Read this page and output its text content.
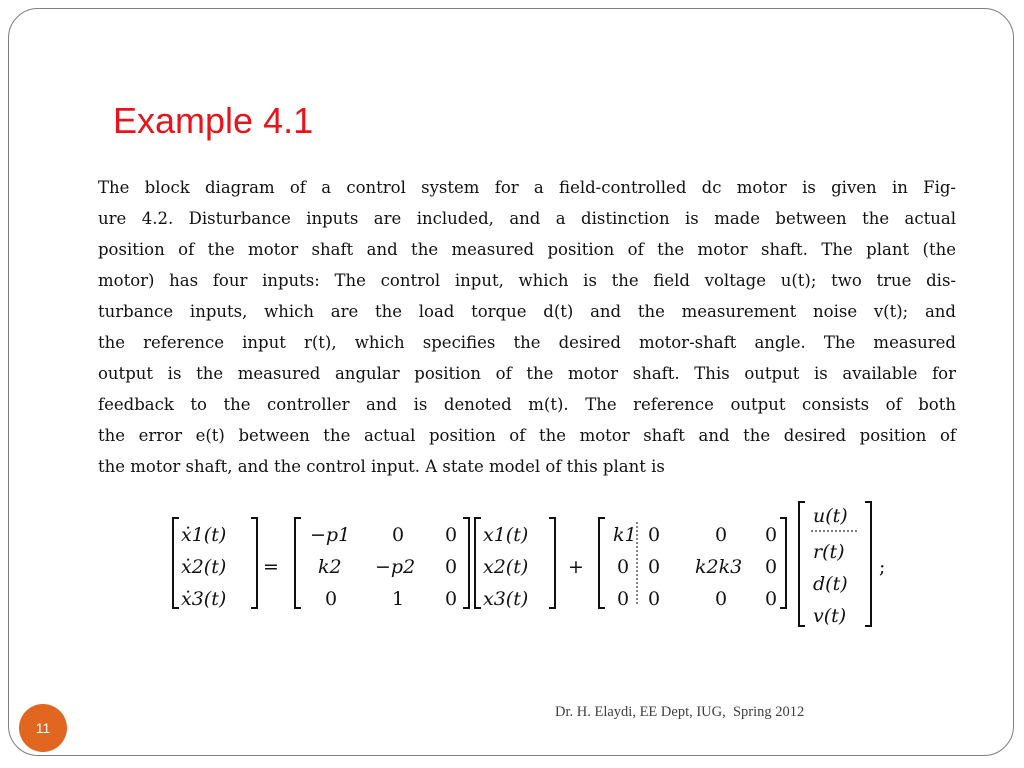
Example 4.1
The block diagram of a control system for a field-controlled dc motor is given in Fig-
ure 4.2. Disturbance inputs are included, and a distinction is made between the actual
position of the motor shaft and the measured position of the motor shaft. The plant (the
motor) has four inputs: The control input, which is the field voltage u(t); two true dis-
turbance inputs, which are the load torque d(t) and the measurement noise v(t); and
the reference input r(t), which specifies the desired motor-shaft angle. The measured
output is the measured angular position of the motor shaft. This output is available for
feedback to the controller and is denoted m(t). The reference output consists of both
the error e(t) between the actual position of the motor shaft and the desired position of
the motor shaft, and the control input. A state model of this plant is
ẋ1(t)
ẋ2(t)
ẋ3(t)
=
−p1 0 0
k2 −p2 0
0	1 0
x1(t)
x2(t)
x3(t)
+
k1 0	0 0
0 0 k2k3 0
0 0	0 0
u(t)
r(t)
d(t)
v(t)
;
Dr. H. Elaydi, EE Dept, IUG,  Spring 2012
11
